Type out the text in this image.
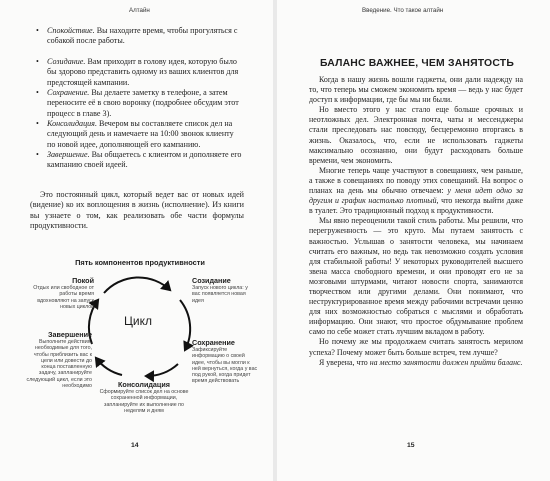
Алтайн
• Спокойствие. Вы находите время, чтобы прогуляться с собакой после работы.
• Созидание. Вам приходит в голову идея, которую было бы здорово представить одному из ваших клиентов для предстоящей кампании.
• Сохранение. Вы делаете заметку в телефоне, а затем переносите её в свою воронку (подробнее обсудим этот процесс в главе 3).
• Консолидация. Вечером вы составляете список дел на следующий день и намечаете на 10:00 звонок клиенту по новой идее, дополняющей его кампанию.
• Завершение. Вы общаетесь с клиентом и дополняете его кампанию своей идеей.

Это постоянный цикл, который ведет вас от новых идей (видение) ко их воплощения в жизнь (исполнение). Из книги вы узнаете о том, как реализовать обе части формулы продуктивности.

Пять компонентов продуктивности
Цикл
Покой
Отдых или свободное от работы время вдохновляют на запуск новых циклов
Созидание
Запуск нового цикла: у вас появляется новая идея
Сохранение
Зафиксируйте информацию о своей идее, чтобы вы могли к ней вернуться, когда у вас под рукой, когда придет время действовать
Консолидация
Сформируйте список дел на основе сохраненной информации, запланируйте их выполнение по неделям и дням
Завершение
Выполните действия, необходимые для того, чтобы приблизить вас к цели или довести до конца поставленную задачу, запланируйте следующий цикл, если это необходимо
14
Введение. Что такое алтайн
БАЛАНС ВАЖНЕЕ, ЧЕМ ЗАНЯТОСТЬ

Когда в нашу жизнь вошли гаджеты, они дали надежду на то, что теперь мы сможем экономить время — ведь у нас будет доступ к информации, где бы мы ни были.

Но вместо этого у нас стало еще больше срочных и неотложных дел. Электронная почта, чаты и мессенджеры стали преследовать нас повсюду, бесцеремонно вторгаясь в жизнь. Оказалось, что, если не использовать гаджеты максимально осознанно, они будут расходовать больше времени, чем экономить.

Многие теперь чаще участвуют в совещаниях, чем раньше, а также в совещаниях по поводу этих совещаний. На вопрос о планах на день мы обычно отвечаем: у меня идет одно за другим и график настолько плотный, что некогда выйти даже в туалет. Это традиционный подход к продуктивности.

Мы явно переоценили такой стиль работы. Мы решили, что перегруженность — это круто. Мы путаем занятость с важностью. Услышав о занятости человека, мы начинаем считать его важным, но ведь так невозможно создать условия для стабильной работы! У некоторых руководителей высшего звена масса свободного времени, и они проводят его не за мозговыми штурмами, читают новости спорта, занимаются творчеством или другими делами. Они понимают, что неструктурированное время между рабочими встречами ценно для них возможностью собраться с мыслями и обработать информацию. Они знают, что простое обдумывание проблем само по себе может стать лучшим вкладом в работу.

Но почему же мы продолжаем считать занятость мерилом успеха? Почему может быть больше встреч, тем лучше?

Я уверена, что на место занятости должен прийти баланс.

15
